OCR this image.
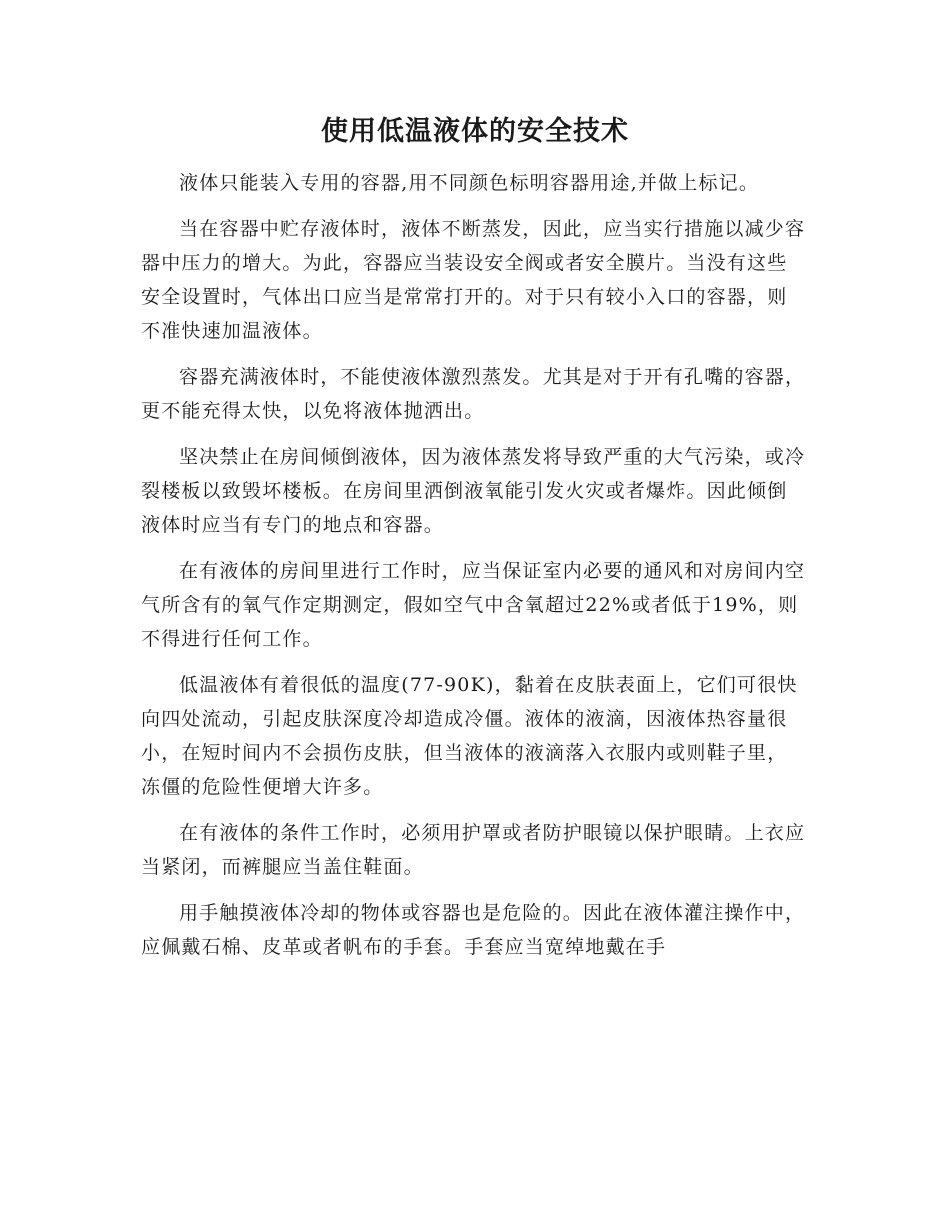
使用低温液体的安全技术

液体只能装入专用的容器,用不同颜色标明容器用途,并做上标记。

当在容器中贮存液体时，液体不断蒸发，因此，应当实行措施以减少容器中压力的增大。为此，容器应当装设安全阀或者安全膜片。当没有这些安全设置时，气体出口应当是常常打开的。对于只有较小入口的容器，则不准快速加温液体。

容器充满液体时，不能使液体激烈蒸发。尤其是对于开有孔嘴的容器，更不能充得太快，以免将液体抛洒出。

坚决禁止在房间倾倒液体，因为液体蒸发将导致严重的大气污染，或冷裂楼板以致毁坏楼板。在房间里洒倒液氧能引发火灾或者爆炸。因此倾倒液体时应当有专门的地点和容器。

在有液体的房间里进行工作时，应当保证室内必要的通风和对房间内空气所含有的氧气作定期测定，假如空气中含氧超过22%或者低于19%，则不得进行任何工作。

低温液体有着很低的温度(77-90K)，黏着在皮肤表面上，它们可很快向四处流动，引起皮肤深度冷却造成冷僵。液体的液滴，因液体热容量很小，在短时间内不会损伤皮肤，但当液体的液滴落入衣服内或则鞋子里，冻僵的危险性便增大许多。

在有液体的条件工作时，必须用护罩或者防护眼镜以保护眼睛。上衣应当紧闭，而裤腿应当盖住鞋面。

用手触摸液体冷却的物体或容器也是危险的。因此在液体灌注操作中，应佩戴石棉、皮革或者帆布的手套。手套应当宽绰地戴在手
